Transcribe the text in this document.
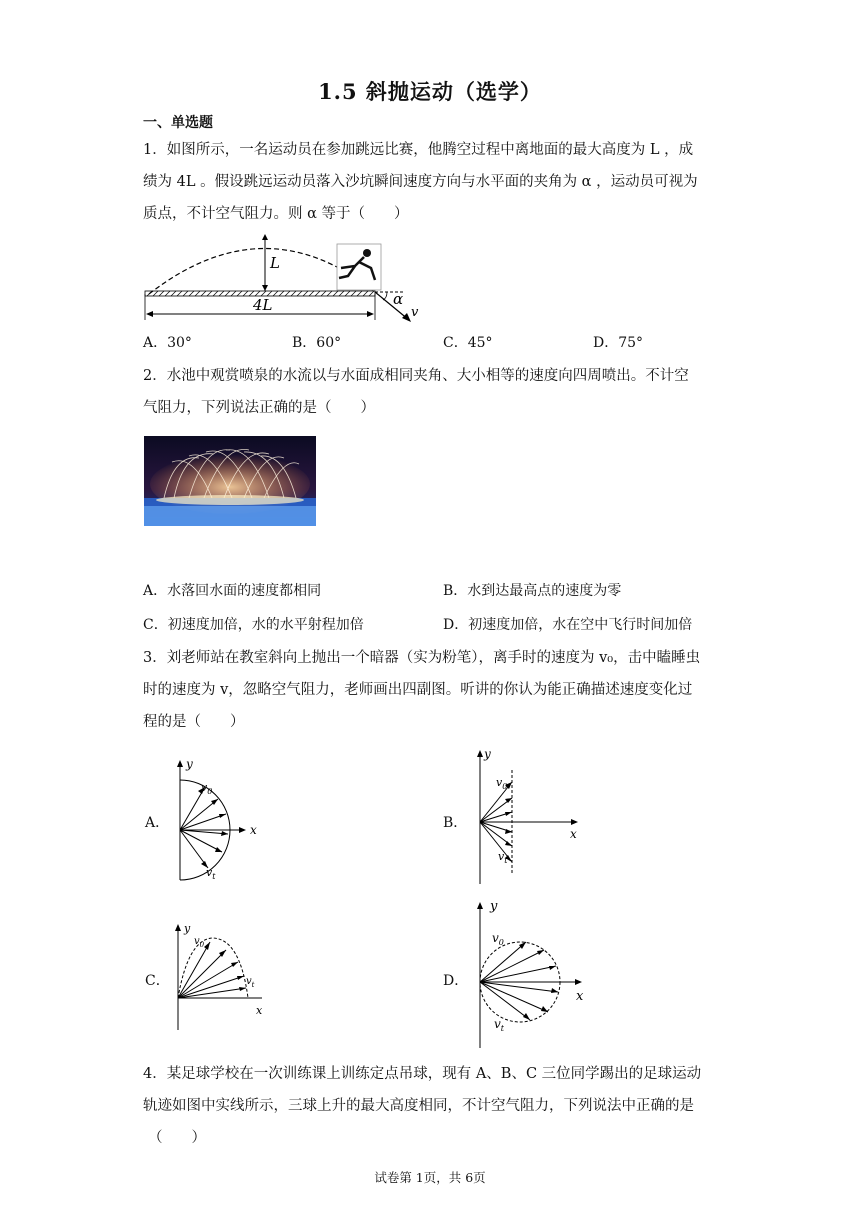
1.5 斜抛运动（选学）
一、单选题
1．如图所示，一名运动员在参加跳远比赛，他腾空过程中离地面的最大高度为 L ，成
绩为 4L 。假设跳远运动员落入沙坑瞬间速度方向与水平面的夹角为 α ，运动员可视为
质点，不计空气阻力。则 α 等于（　　）
L
α
v
4L
A．30°	B．60°	C．45°	D．75°
2．水池中观赏喷泉的水流以与水面成相同夹角、大小相等的速度向四周喷出。不计空
气阻力，下列说法正确的是（　　）
A．水落回水面的速度都相同	B．水到达最高点的速度为零
C．初速度加倍，水的水平射程加倍	D．初速度加倍，水在空中飞行时间加倍
3．刘老师站在教室斜向上抛出一个暗器（实为粉笔），离手时的速度为 v₀，击中瞌睡虫
时的速度为 v，忽略空气阻力，老师画出四副图。听讲的你认为能正确描述速度变化过
程的是（　　）
A．	B．
C．	D．
y
x
$v_0$
$v_t$
y
x
$v_0$
$v_t$
y
x
$v_0$
$v_t$
y
x
$v_0$
$v_t$
4．某足球学校在一次训练课上训练定点吊球，现有 A、B、C 三位同学踢出的足球运动
轨迹如图中实线所示，三球上升的最大高度相同，不计空气阻力，下列说法中正确的是
（　　）
试卷第 1页，共 6页
